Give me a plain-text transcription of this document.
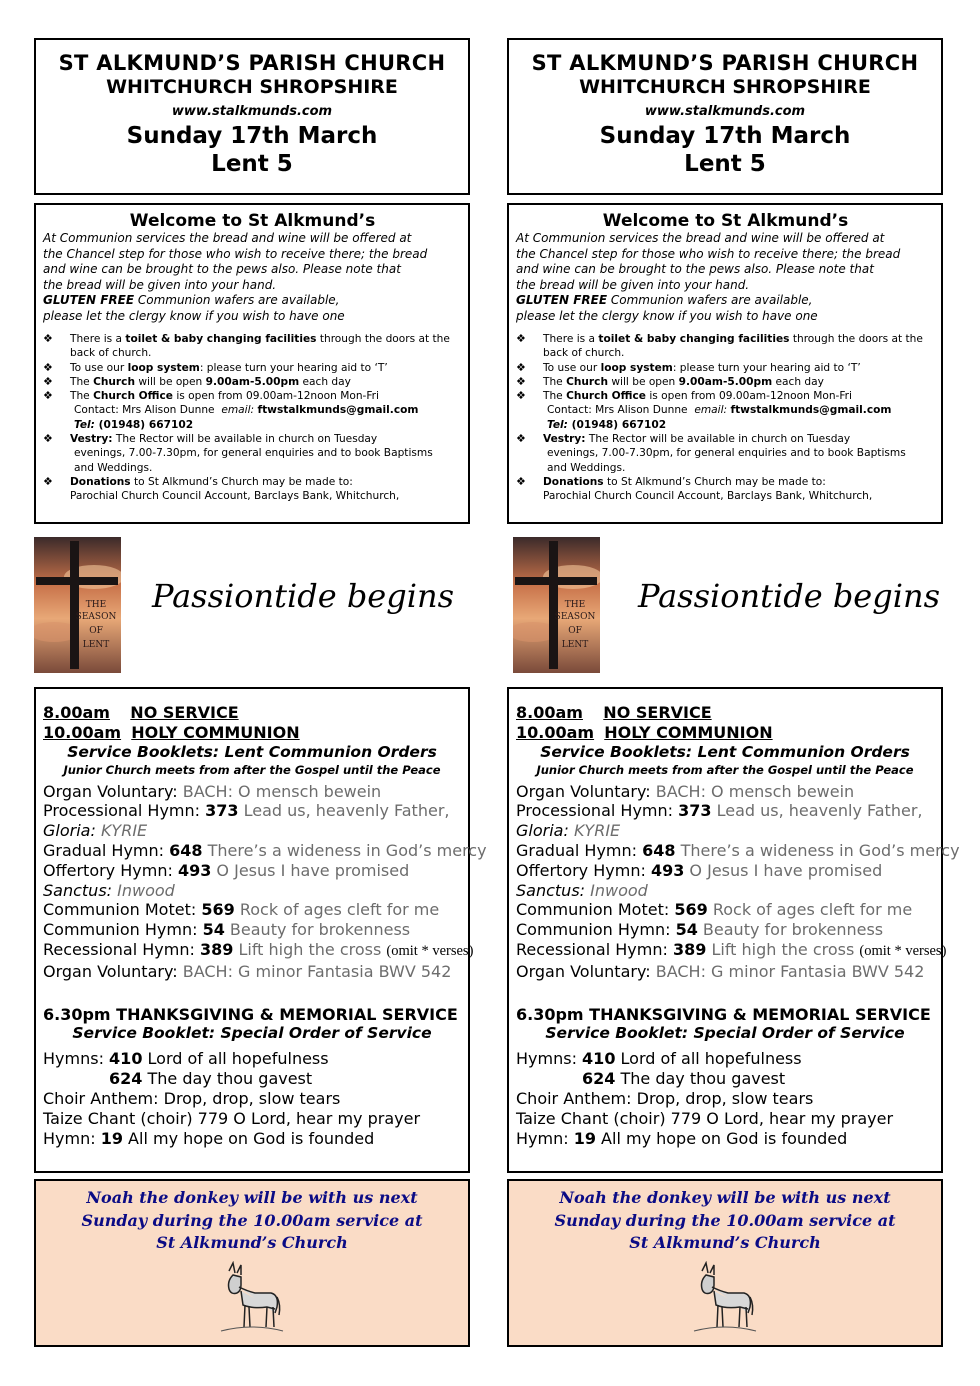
ST ALKMUND’S PARISH CHURCH
WHITCHURCH SHROPSHIRE
www.stalkmunds.com
Sunday 17th March
Lent 5
Welcome to St Alkmund’s
At Communion services the bread and wine will be offered at
the Chancel step for those who wish to receive there; the bread
and wine can be brought to the pews also. Please note that
the bread will be given into your hand.
GLUTEN FREE Communion wafers are available,
please let the clergy know if you wish to have one
❖ There is a toilet & baby changing facilities through the doors at the
back of church.
❖ To use our loop system: please turn your hearing aid to ‘T’
❖ The Church will be open 9.00am-5.00pm each day
❖ The Church Office is open from 09.00am-12noon Mon-Fri
Contact: Mrs Alison Dunne email: ftwstalkmunds@gmail.com
Tel: (01948) 667102
❖ Vestry: The Rector will be available in church on Tuesday
evenings, 7.00-7.30pm, for general enquiries and to book Baptisms
and Weddings.
❖ Donations to St Alkmund’s Church may be made to:
Parochial Church Council Account, Barclays Bank, Whitchurch,
THE
SEASON
OF
LENT
Passiontide begins
8.00am NO SERVICE
10.00am HOLY COMMUNION
Service Booklets: Lent Communion Orders
Junior Church meets from after the Gospel until the Peace
Organ Voluntary: BACH: O mensch bewein
Processional Hymn: 373 Lead us, heavenly Father,
Gloria: KYRIE
Gradual Hymn: 648 There’s a wideness in God’s mercy
Offertory Hymn: 493 O Jesus I have promised
Sanctus: Inwood
Communion Motet: 569 Rock of ages cleft for me
Communion Hymn: 54 Beauty for brokenness
Recessional Hymn: 389 Lift high the cross (omit * verses)
Organ Voluntary: BACH: G minor Fantasia BWV 542
6.30pm THANKSGIVING & MEMORIAL SERVICE
Service Booklet: Special Order of Service
Hymns: 410 Lord of all hopefulness
624 The day thou gavest
Choir Anthem: Drop, drop, slow tears
Taize Chant (choir) 779 O Lord, hear my prayer
Hymn: 19 All my hope on God is founded
Noah the donkey will be with us next
Sunday during the 10.00am service at
St Alkmund’s Church
ST ALKMUND’S PARISH CHURCH
WHITCHURCH SHROPSHIRE
www.stalkmunds.com
Sunday 17th March
Lent 5
Welcome to St Alkmund’s
At Communion services the bread and wine will be offered at
the Chancel step for those who wish to receive there; the bread
and wine can be brought to the pews also. Please note that
the bread will be given into your hand.
GLUTEN FREE Communion wafers are available,
please let the clergy know if you wish to have one
❖ There is a toilet & baby changing facilities through the doors at the
back of church.
❖ To use our loop system: please turn your hearing aid to ‘T’
❖ The Church will be open 9.00am-5.00pm each day
❖ The Church Office is open from 09.00am-12noon Mon-Fri
Contact: Mrs Alison Dunne email: ftwstalkmunds@gmail.com
Tel: (01948) 667102
❖ Vestry: The Rector will be available in church on Tuesday
evenings, 7.00-7.30pm, for general enquiries and to book Baptisms
and Weddings.
❖ Donations to St Alkmund’s Church may be made to:
Parochial Church Council Account, Barclays Bank, Whitchurch,
THE
SEASON
OF
LENT
Passiontide begins
8.00am NO SERVICE
10.00am HOLY COMMUNION
Service Booklets: Lent Communion Orders
Junior Church meets from after the Gospel until the Peace
Organ Voluntary: BACH: O mensch bewein
Processional Hymn: 373 Lead us, heavenly Father,
Gloria: KYRIE
Gradual Hymn: 648 There’s a wideness in God’s mercy
Offertory Hymn: 493 O Jesus I have promised
Sanctus: Inwood
Communion Motet: 569 Rock of ages cleft for me
Communion Hymn: 54 Beauty for brokenness
Recessional Hymn: 389 Lift high the cross (omit * verses)
Organ Voluntary: BACH: G minor Fantasia BWV 542
6.30pm THANKSGIVING & MEMORIAL SERVICE
Service Booklet: Special Order of Service
Hymns: 410 Lord of all hopefulness
624 The day thou gavest
Choir Anthem: Drop, drop, slow tears
Taize Chant (choir) 779 O Lord, hear my prayer
Hymn: 19 All my hope on God is founded
Noah the donkey will be with us next
Sunday during the 10.00am service at
St Alkmund’s Church
